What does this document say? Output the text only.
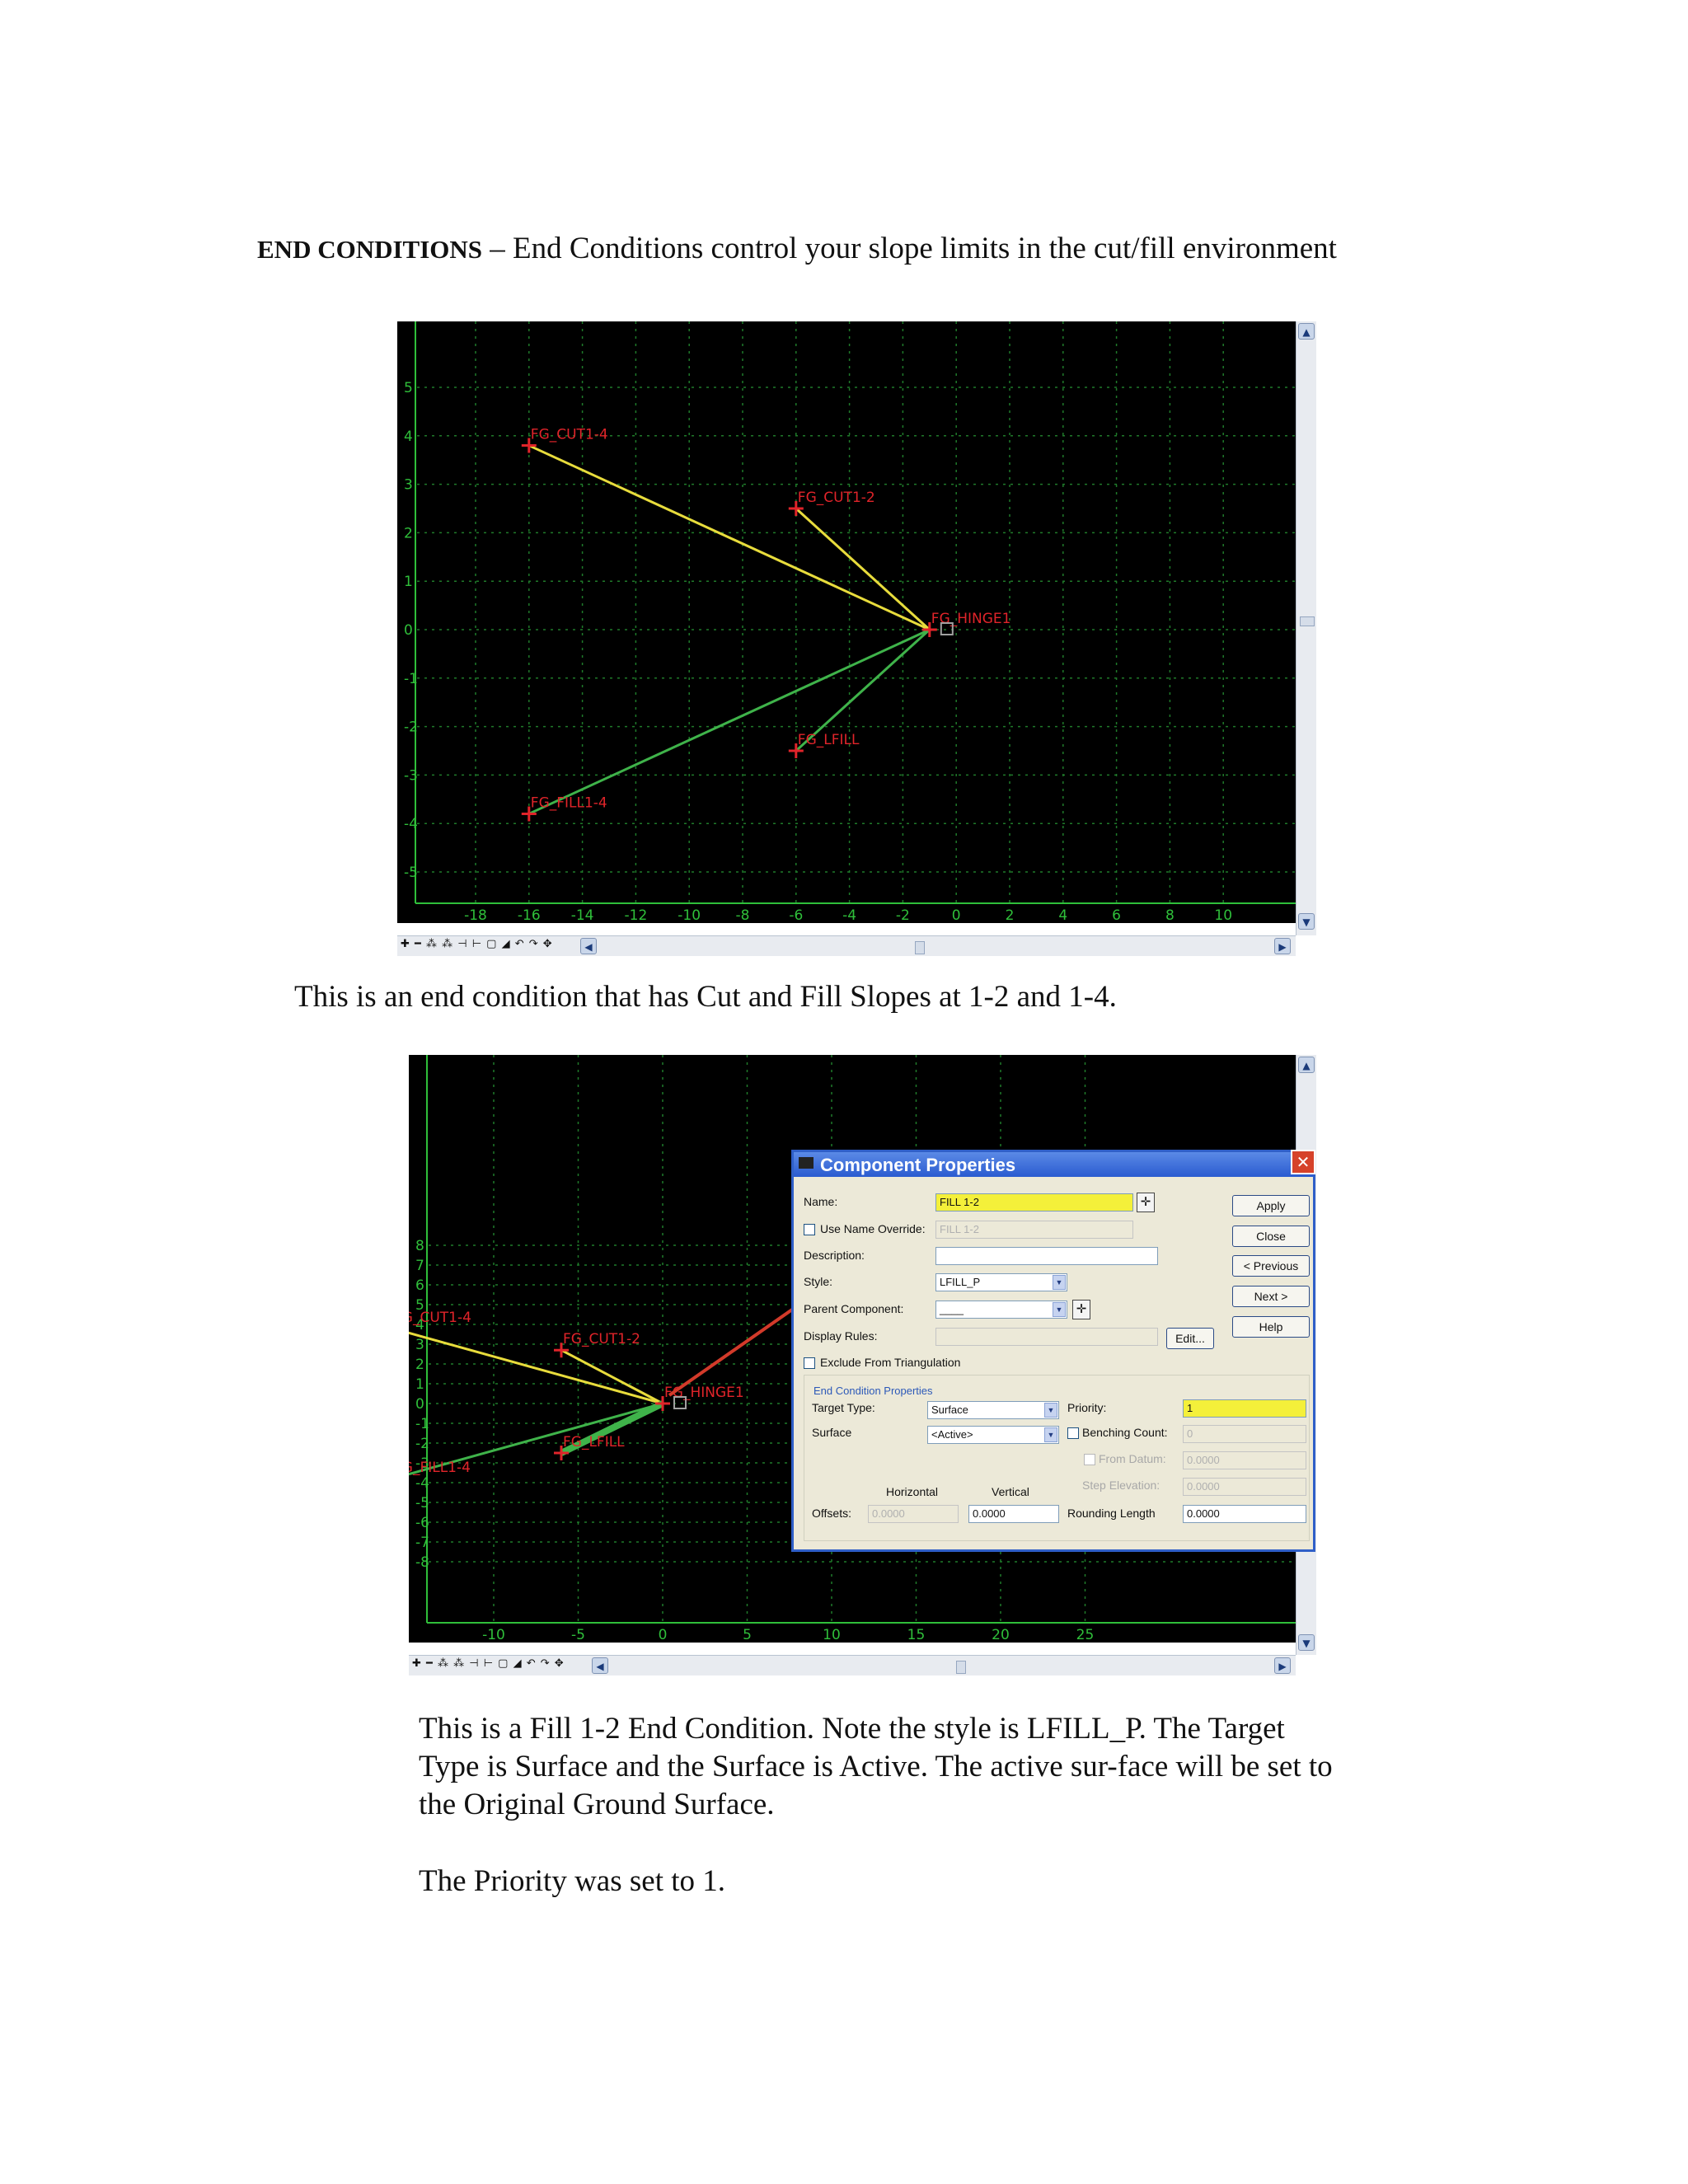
END CONDITIONS – End Conditions control your slope limits in the cut/fill environment
-18 -16 -14 -12 -10 -8	-6	-4	-2	0	2	4	6	8	10
5
4
3
2
1
0
-1
-2
-3
-4
-5
FG_CUT1-4
FG_CUT1-2
FG_FILL1-4
FG_LFILL
FG_HINGE1
▲
▼
✚ ━ ⁂ ⁂ ⊣ ⊢ ▢ ◢ ↶ ↷ ✥	◀	▶
This is an end condition that has Cut and Fill Slopes at 1-2 and 1-4.
-10	-5	0	5	10	15	20	25
8
7
6
5
4
3
2
1
0
-1
-2
-3
-4
-5
-6
-7
-8
_CUT1-4
FG_CUT1-2
_FILL1-4
FG_LFILL
FG_HINGE1
▲
▼
✚ ━ ⁂ ⁂ ⊣ ⊢ ▢ ◢ ↶ ↷ ✥	◀	▶
Component Properties	✕
Name:	FILL 1-2	✛
Use Name Override:	FILL 1-2
Description:
Style:	LFILL_P	▼
Parent Component:	____	▼	✛
Display Rules:	Edit...
Exclude From Triangulation
Apply
Close
< Previous
Next >
Help
End Condition Properties
Target Type:	Surface	▼
Surface	<Active>	▼
Priority:	1
Benching Count:	0
From Datum:	0.0000
Step Elevation:	0.0000
Horizontal	Vertical
Offsets:	0.0000	0.0000	Rounding Length	0.0000
This is a Fill 1-2 End Condition. Note the style is LFILL_P. The Target Type is Surface and the Surface is Active. The active sur-face will be set to the Original Ground Surface.
The Priority was set to 1.
